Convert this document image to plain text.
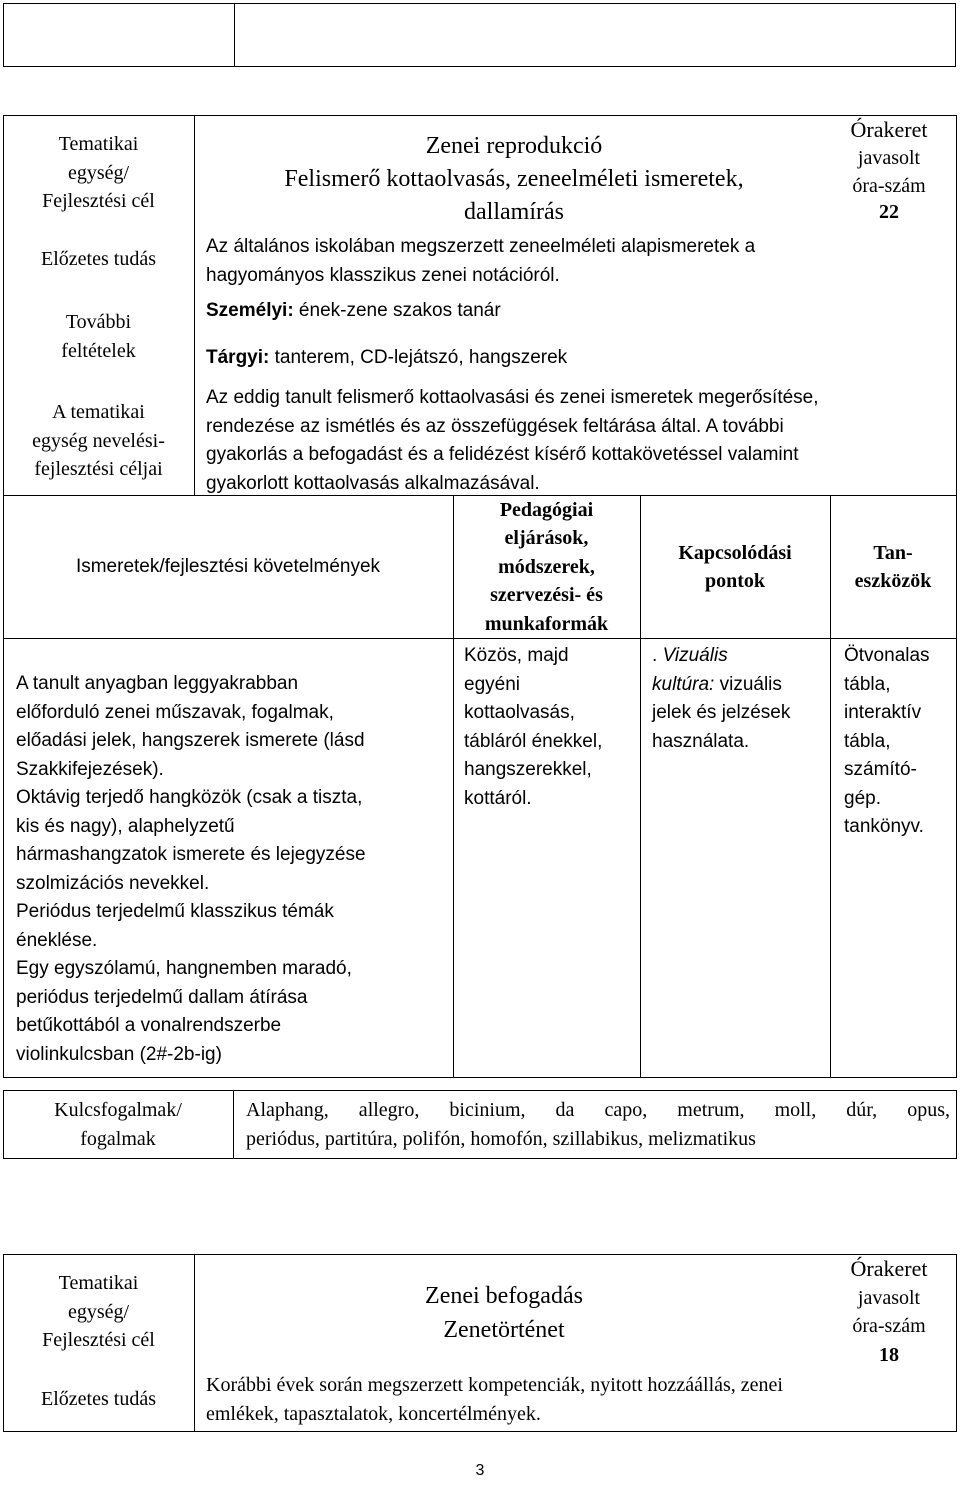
Tematikai
egység/
Fejlesztési cél
Zenei reprodukció
Felismerő kottaolvasás, zeneelméleti ismeretek,
dallamírás
Órakeret
javasolt
óra-szám
22
Előzetes tudás
Az általános iskolában megszerzett zeneelméleti alapismeretek a
hagyományos klasszikus zenei notációról.
További
feltételek
Személyi: ének-zene szakos tanár
Tárgyi: tanterem, CD-lejátszó, hangszerek
A tematikai
egység nevelési-
fejlesztési céljai
Az eddig tanult felismerő kottaolvasási és zenei ismeretek megerősítése,
rendezése az ismétlés és az összefüggések feltárása által. A további
gyakorlás a befogadást és a felidézést kísérő kottakövetéssel valamint
gyakorlott kottaolvasás alkalmazásával.
Ismeretek/fejlesztési követelmények
Pedagógiai
eljárások,
módszerek,
szervezési- és
munkaformák
Kapcsolódási
pontok
Tan-
eszközök
A tanult anyagban leggyakrabban
előforduló zenei műszavak, fogalmak,
előadási jelek, hangszerek ismerete (lásd
Szakkifejezések).
Oktávig terjedő hangközök (csak a tiszta,
kis és nagy), alaphelyzetű
hármashangzatok ismerete és lejegyzése
szolmizációs nevekkel.
Periódus terjedelmű klasszikus témák
éneklése.
Egy egyszólamú, hangnemben maradó,
periódus terjedelmű dallam átírása
betűkottából a vonalrendszerbe
violinkulcsban (2#-2b-ig)
Közös, majd
egyéni
kottaolvasás,
tábláról énekkel,
hangszerekkel,
kottáról.
. Vizuális
kultúra: vizuális
jelek és jelzések
használata.
Ötvonalas
tábla,
interaktív
tábla,
számító-
gép.
tankönyv.
Kulcsfogalmak/
fogalmak
Alaphang, allegro, bicinium, da capo, metrum, moll, dúr, opus,
periódus, partitúra, polifón, homofón, szillabikus, melizmatikus
Tematikai
egység/
Fejlesztési cél
Zenei befogadás
Zenetörténet
Órakeret
javasolt
óra-szám
18
Előzetes tudás
Korábbi évek során megszerzett kompetenciák, nyitott hozzáállás, zenei
emlékek, tapasztalatok, koncertélmények.
3
